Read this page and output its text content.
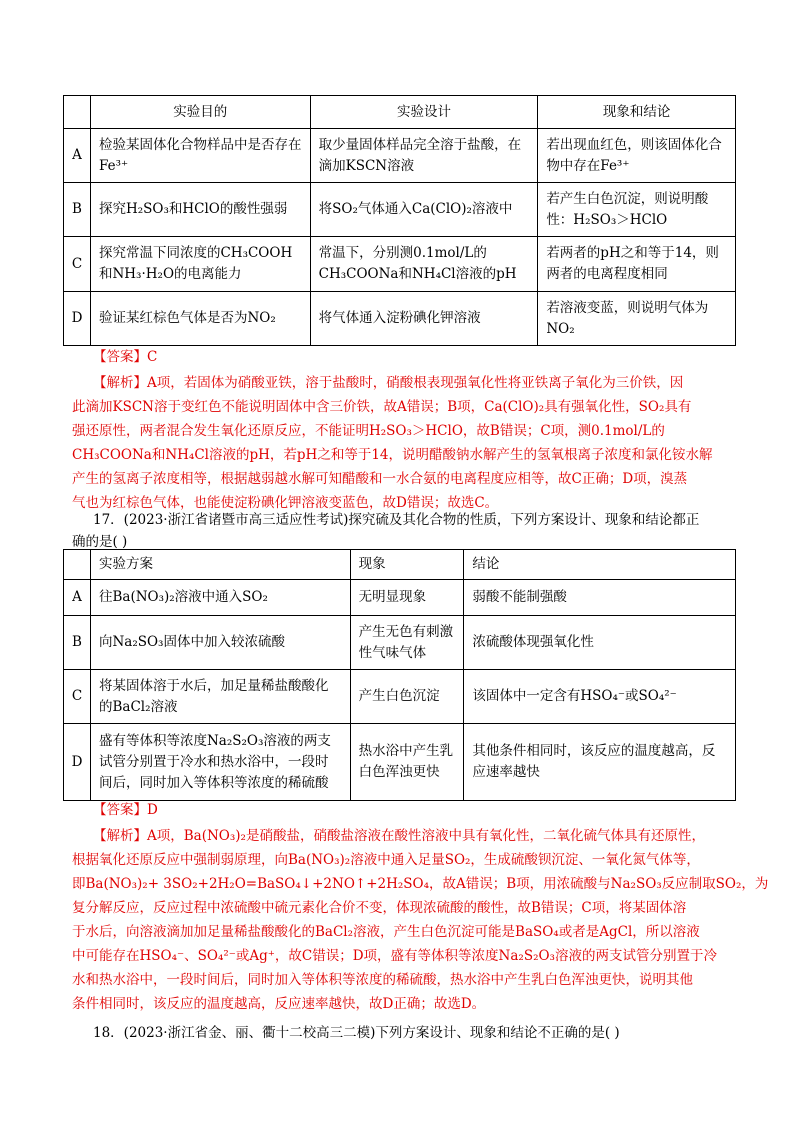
	实验目的	实验设计	现象和结论
A	检验某固体化合物样品中是否存在Fe³⁺	取少量固体样品完全溶于盐酸，在滴加KSCN溶液	若出现血红色，则该固体化合物中存在Fe³⁺
B	探究H₂SO₃和HClO的酸性强弱	将SO₂气体通入Ca(ClO)₂溶液中	若产生白色沉淀，则说明酸性：H₂SO₃＞HClO
C	探究常温下同浓度的CH₃COOH和NH₃·H₂O的电离能力	常温下，分别测0.1mol/L的CH₃COONa和NH₄Cl溶液的pH	若两者的pH之和等于14，则两者的电离程度相同
D	验证某红棕色气体是否为NO₂	将气体通入淀粉碘化钾溶液	若溶液变蓝，则说明气体为NO₂
【答案】C
【解析】A项，若固体为硝酸亚铁，溶于盐酸时，硝酸根表现强氧化性将亚铁离子氧化为三价铁，因
此滴加KSCN溶于变红色不能说明固体中含三价铁，故A错误；B项，Ca(ClO)₂具有强氧化性，SO₂具有
强还原性，两者混合发生氧化还原反应，不能证明H₂SO₃＞HClO，故B错误；C项，测0.1mol/L的
CH₃COONa和NH₄Cl溶液的pH，若pH之和等于14，说明醋酸钠水解产生的氢氧根离子浓度和氯化铵水解
产生的氢离子浓度相等，根据越弱越水解可知醋酸和一水合氨的电离程度应相等，故C正确；D项，溴蒸
气也为红棕色气体，也能使淀粉碘化钾溶液变蓝色，故D错误；故选C。
17．(2023·浙江省诸暨市高三适应性考试)探究硫及其化合物的性质，下列方案设计、现象和结论都正
确的是( )
	实验方案	现象	结论
A	往Ba(NO₃)₂溶液中通入SO₂	无明显现象	弱酸不能制强酸
B	向Na₂SO₃固体中加入较浓硫酸	产生无色有刺激性气味气体	浓硫酸体现强氧化性
C	将某固体溶于水后，加足量稀盐酸酸化的BaCl₂溶液	产生白色沉淀	该固体中一定含有HSO₄⁻或SO₄²⁻
D	盛有等体积等浓度Na₂S₂O₃溶液的两支试管分别置于冷水和热水浴中，一段时间后，同时加入等体积等浓度的稀硫酸	热水浴中产生乳白色浑浊更快	其他条件相同时，该反应的温度越高，反应速率越快
【答案】D
【解析】A项，Ba(NO₃)₂是硝酸盐，硝酸盐溶液在酸性溶液中具有氧化性，二氧化硫气体具有还原性，
根据氧化还原反应中强制弱原理，向Ba(NO₃)₂溶液中通入足量SO₂，生成硫酸钡沉淀、一氧化氮气体等，
即Ba(NO₃)₂+ 3SO₂+2H₂O=BaSO₄↓+2NO↑+2H₂SO₄，故A错误；B项，用浓硫酸与Na₂SO₃反应制取SO₂，为
复分解反应，反应过程中浓硫酸中硫元素化合价不变，体现浓硫酸的酸性，故B错误；C项，将某固体溶
于水后，向溶液滴加加足量稀盐酸酸化的BaCl₂溶液，产生白色沉淀可能是BaSO₄或者是AgCl，所以溶液
中可能存在HSO₄⁻、SO₄²⁻或Ag⁺，故C错误；D项，盛有等体积等浓度Na₂S₂O₃溶液的两支试管分别置于冷
水和热水浴中，一段时间后，同时加入等体积等浓度的稀硫酸，热水浴中产生乳白色浑浊更快，说明其他
条件相同时，该反应的温度越高，反应速率越快，故D正确；故选D。
18．(2023·浙江省金、丽、衢十二校高三二模)下列方案设计、现象和结论不正确的是( )
